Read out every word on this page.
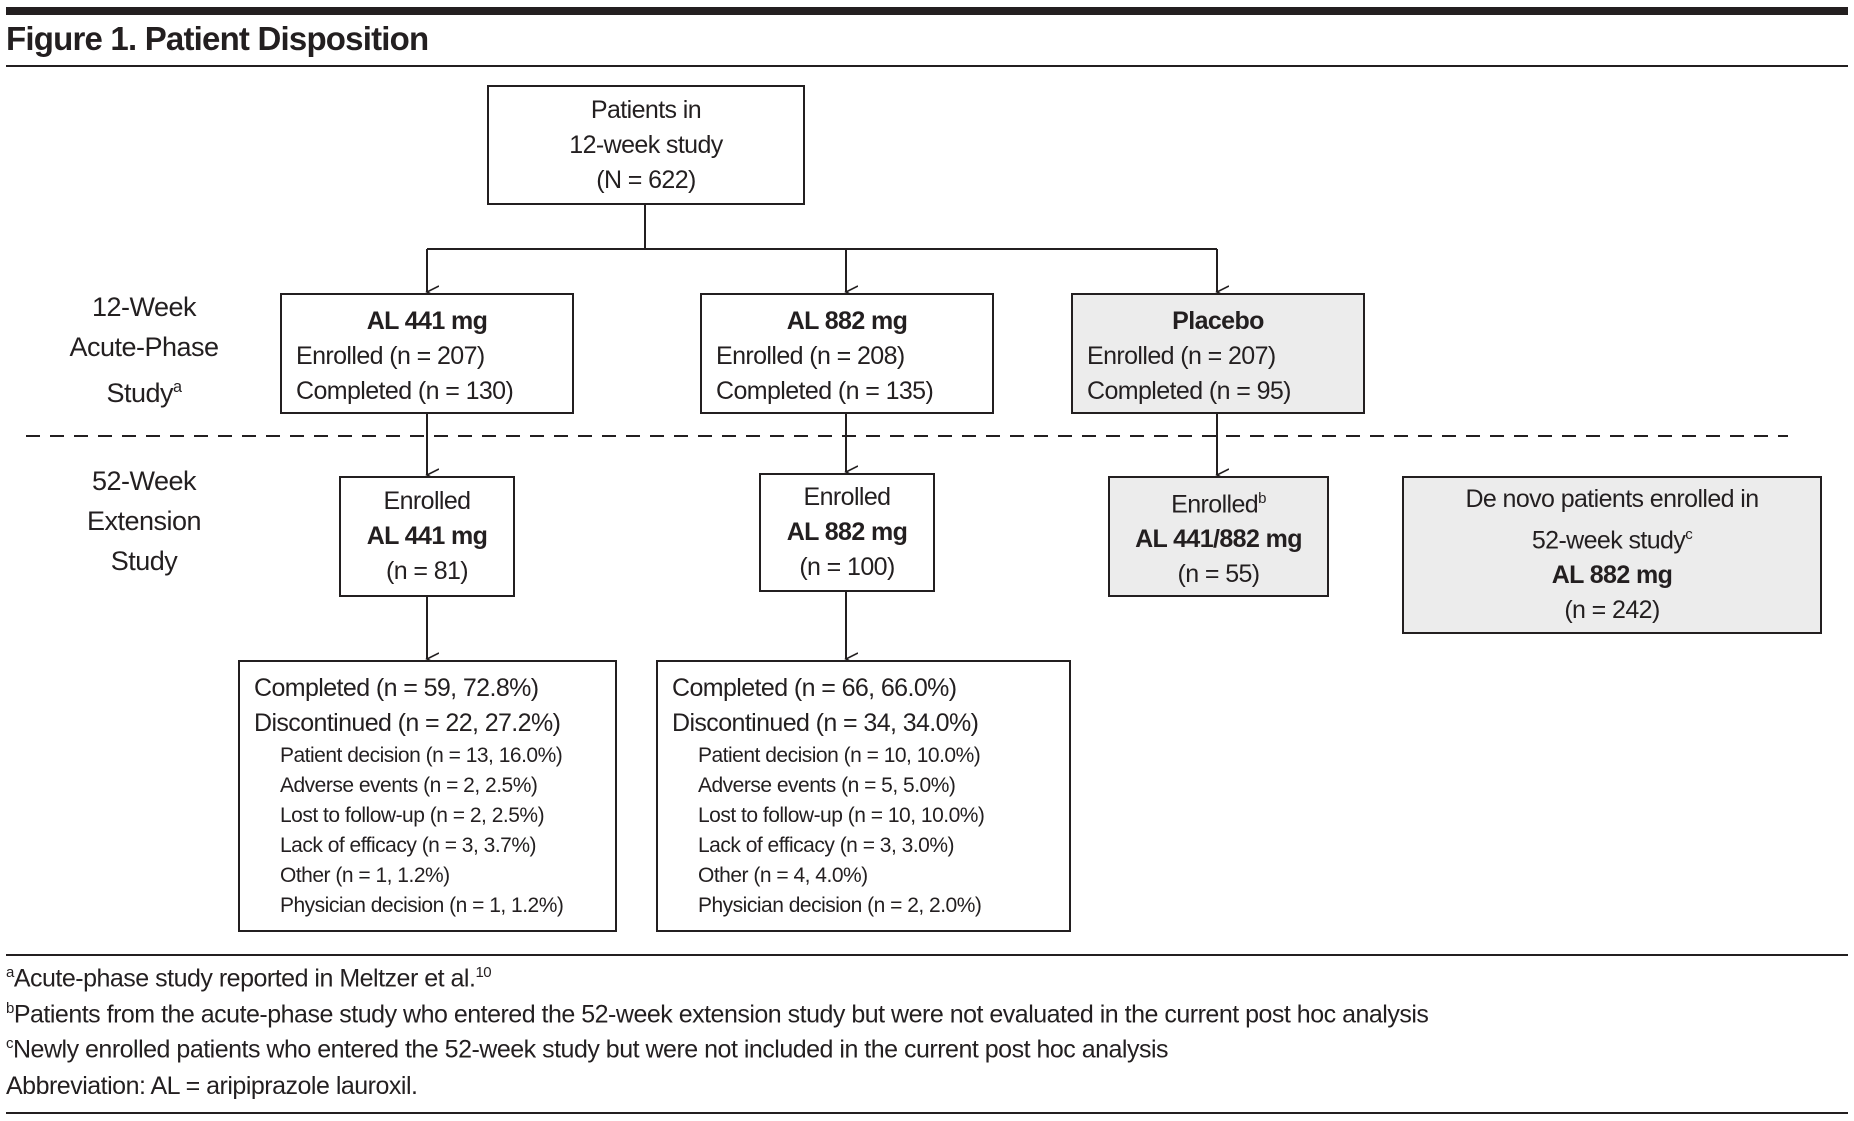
Figure 1. Patient Disposition
12-Week
Acute-Phase
Study$^a$
52-Week
Extension
Study
Patients in
12-week study
(N = 622)
AL 441 mg
Enrolled (n = 207)
Completed (n = 130)
AL 882 mg
Enrolled (n = 208)
Completed (n = 135)
Placebo
Enrolled (n = 207)
Completed (n = 95)
Enrolled
AL 441 mg
(n = 81)
Enrolled
AL 882 mg
(n = 100)
Enrolled$^b$
AL 441/882 mg
(n = 55)
De novo patients enrolled in
52-week study$^c$
AL 882 mg
(n = 242)
Completed (n = 59, 72.8%)
Discontinued (n = 22, 27.2%)
Patient decision (n = 13, 16.0%)
Adverse events (n = 2, 2.5%)
Lost to follow-up (n = 2, 2.5%)
Lack of efficacy (n = 3, 3.7%)
Other (n = 1, 1.2%)
Physician decision (n = 1, 1.2%)
Completed (n = 66, 66.0%)
Discontinued (n = 34, 34.0%)
Patient decision (n = 10, 10.0%)
Adverse events (n = 5, 5.0%)
Lost to follow-up (n = 10, 10.0%)
Lack of efficacy (n = 3, 3.0%)
Other (n = 4, 4.0%)
Physician decision (n = 2, 2.0%)
$^a$Acute-phase study reported in Meltzer et al.$^{10}$
$^b$Patients from the acute-phase study who entered the 52-week extension study but were not evaluated in the current post hoc analysis
$^c$Newly enrolled patients who entered the 52-week study but were not included in the current post hoc analysis
Abbreviation: AL = aripiprazole lauroxil.
